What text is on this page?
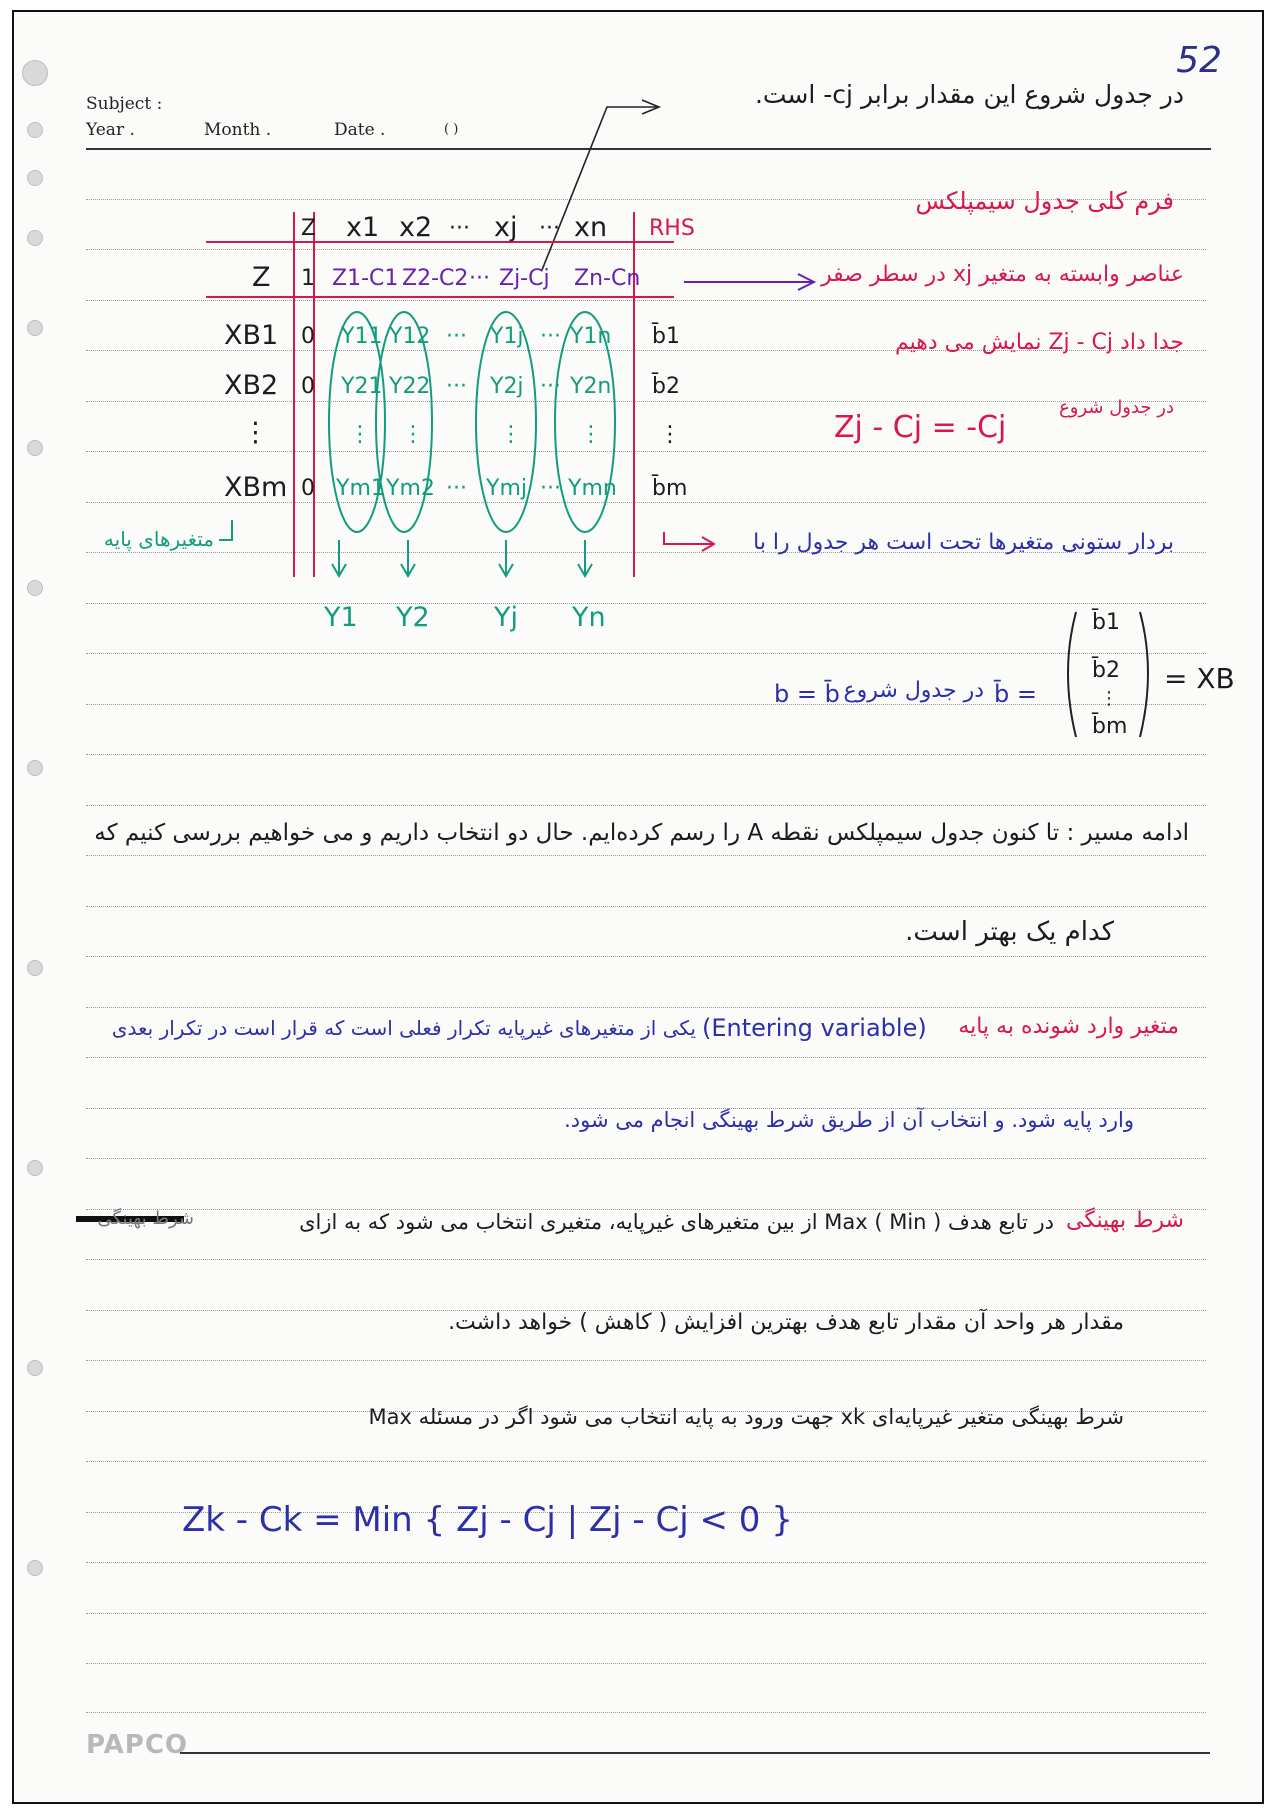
Subject :
Year .	Month .	Date .	( )
52
در جدول شروع این مقدار برابر cj- است.
فرم کلی جدول سیمپلکس
عناصر وابسته به متغیر xj در سطر صفر
جدا داد Zj - Cj نمایش می دهیم
در جدول شروع
Zj - Cj = -Cj
Z x1 x2 ··· xj ··· xn RHS
Z 1 Z1-C1 Z2-C2 ··· Zj-Cj Zn-Cn
XB1 0 Y11 Y12 ··· Y1j ··· Y1n b̄1
XB2 0 Y21 Y22 ··· Y2j ··· Y2n b̄2
⋮	⋮ ⋮	⋮	⋮	⋮
XBm 0 Ym1 Ym2 ··· Ymj ··· Ymn b̄m
Y1 Y2 Yj Yn
متغیرهای پایه	بردار ستونی متغیرها تحت است هر جدول را با
b = b̄ در جدول شروع b̄ =
b̄1
b̄2
⋮
b̄m
= XB
ادامه مسیر : تا کنون جدول سیمپلکس نقطه A را رسم کرده‌ایم. حال دو انتخاب داریم و می خواهیم بررسی کنیم که
کدام یک بهتر است.
متغیر وارد شونده به پایه
(Entering variable)
یکی از متغیرهای غیرپایه تکرار فعلی است که قرار است در تکرار بعدی
وارد پایه شود. و انتخاب آن از طریق شرط بهینگی انجام می شود.
شرط بهینگی
شرط بهینگی	در تابع هدف ( Min ) Max از بین متغیرهای غیرپایه، متغیری انتخاب می شود که به ازای
مقدار هر واحد آن مقدار تابع هدف بهترین افزایش ( کاهش ) خواهد داشت.
شرط بهینگی متغیر غیرپایه‌ای xk جهت ورود به پایه انتخاب می شود اگر در مسئله Max
Zk - Ck = Min { Zj - Cj | Zj - Cj < 0 }
PAPCO
